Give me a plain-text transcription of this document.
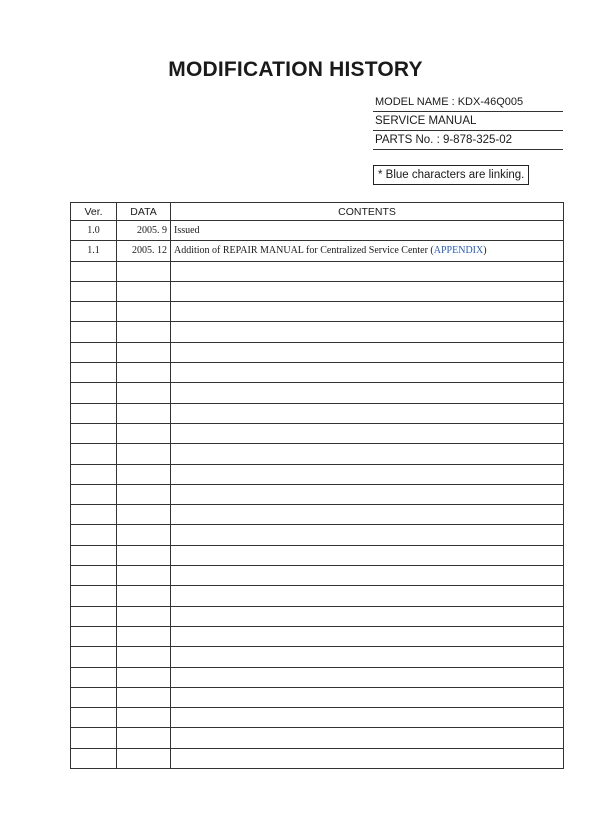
MODIFICATION HISTORY
MODEL NAME : KDX-46Q005
SERVICE MANUAL
PARTS No. : 9-878-325-02
* Blue characters are linking.
Ver.	DATA	CONTENTS
1.0	2005. 9	Issued
1.1	2005. 12	Addition of REPAIR MANUAL for Centralized Service Center (APPENDIX)
